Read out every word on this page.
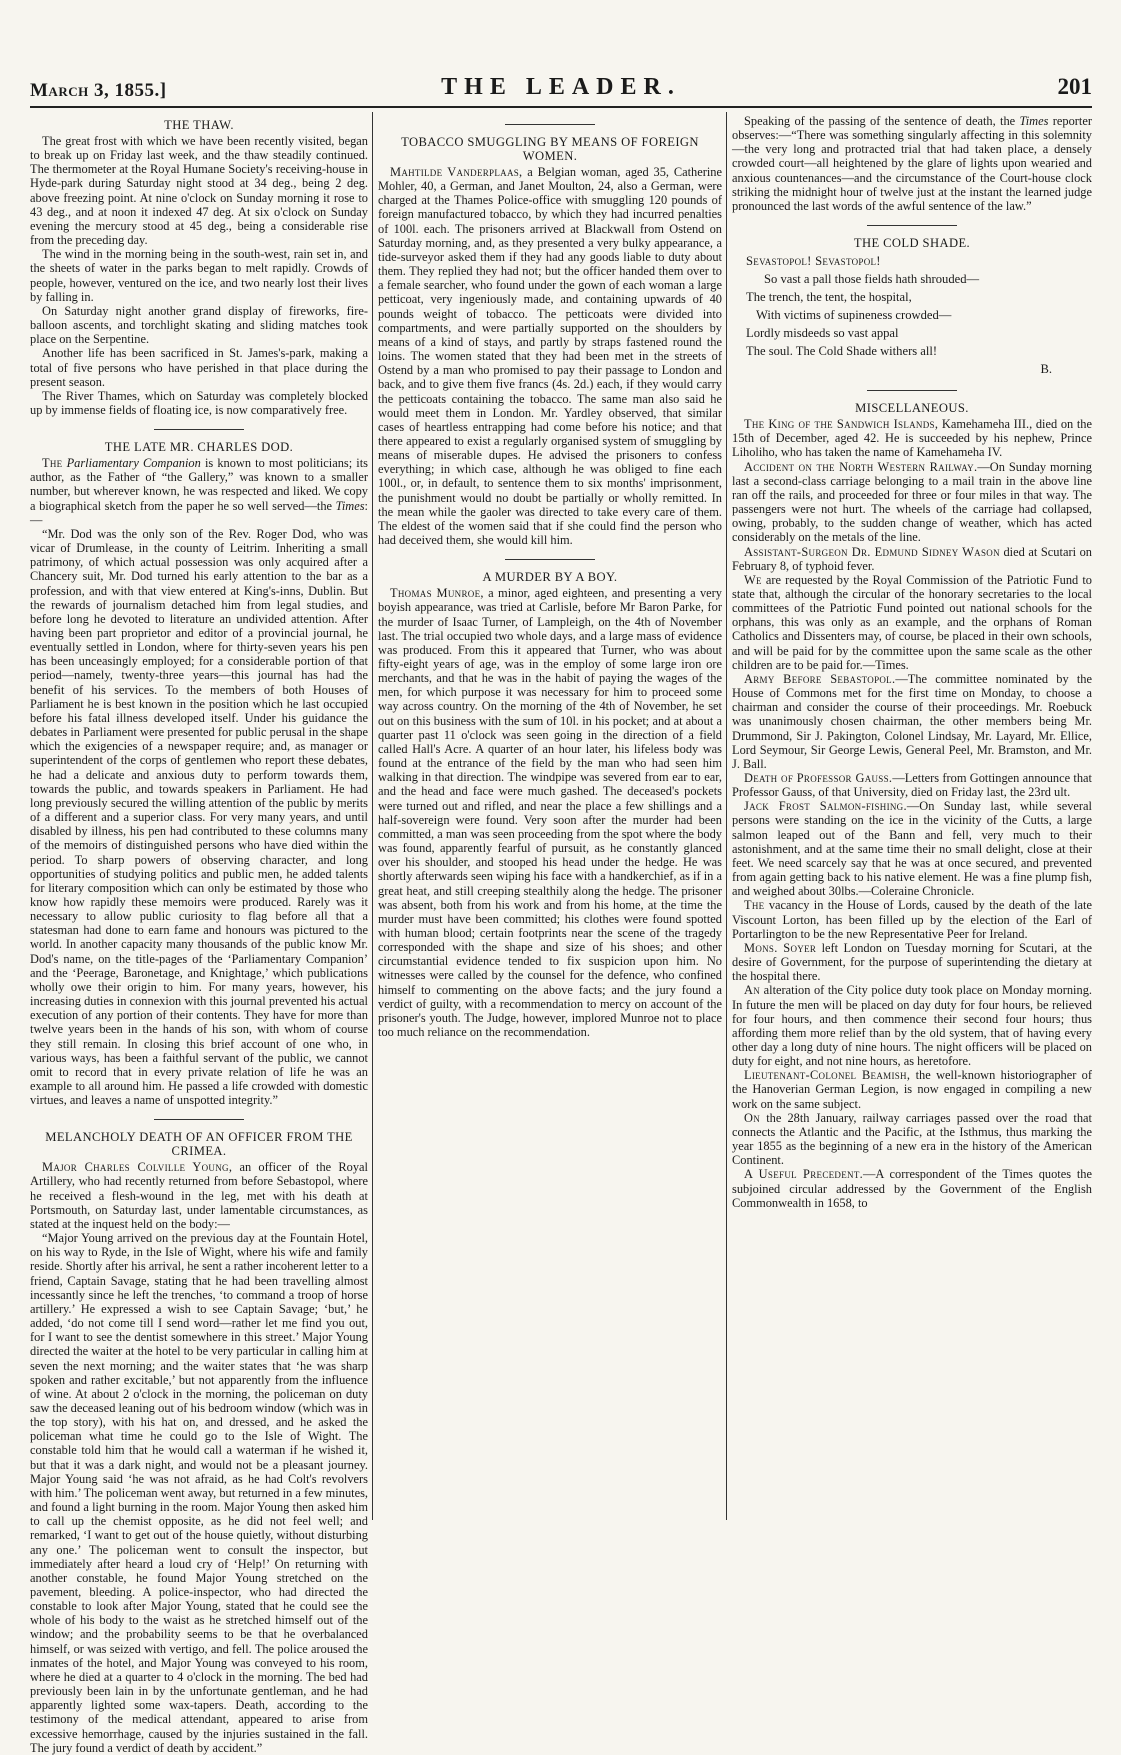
March 3, 1855.]	THE LEADER.	201
THE THAW.

The great frost with which we have been recently visited, began to break up on Friday last week, and the thaw steadily continued. The thermometer at the Royal Humane Society's receiving-house in Hyde-park during Saturday night stood at 34 deg., being 2 deg. above freezing point. At nine o'clock on Sunday morning it rose to 43 deg., and at noon it indexed 47 deg. At six o'clock on Sunday evening the mercury stood at 45 deg., being a considerable rise from the preceding day.

The wind in the morning being in the south-west, rain set in, and the sheets of water in the parks began to melt rapidly. Crowds of people, however, ventured on the ice, and two nearly lost their lives by falling in.

On Saturday night another grand display of fireworks, fire-balloon ascents, and torchlight skating and sliding matches took place on the Serpentine.

Another life has been sacrificed in St. James's-park, making a total of five persons who have perished in that place during the present season.

The River Thames, which on Saturday was completely blocked up by immense fields of floating ice, is now comparatively free.

THE LATE MR. CHARLES DOD.

The Parliamentary Companion is known to most politicians; its author, as the Father of “the Gallery,” was known to a smaller number, but wherever known, he was respected and liked. We copy a biographical sketch from the paper he so well served—the Times:—

“Mr. Dod was the only son of the Rev. Roger Dod, who was vicar of Drumlease, in the county of Leitrim. Inheriting a small patrimony, of which actual possession was only acquired after a Chancery suit, Mr. Dod turned his early attention to the bar as a profession, and with that view entered at King's-inns, Dublin. But the rewards of journalism detached him from legal studies, and before long he devoted to literature an undivided attention. After having been part proprietor and editor of a provincial journal, he eventually settled in London, where for thirty-seven years his pen has been unceasingly employed; for a considerable portion of that period—namely, twenty-three years—this journal has had the benefit of his services. To the members of both Houses of Parliament he is best known in the position which he last occupied before his fatal illness developed itself. Under his guidance the debates in Parliament were presented for public perusal in the shape which the exigencies of a newspaper require; and, as manager or superintendent of the corps of gentlemen who report these debates, he had a delicate and anxious duty to perform towards them, towards the public, and towards speakers in Parliament. He had long previously secured the willing attention of the public by merits of a different and a superior class. For very many years, and until disabled by illness, his pen had contributed to these columns many of the memoirs of distinguished persons who have died within the period. To sharp powers of observing character, and long opportunities of studying politics and public men, he added talents for literary composition which can only be estimated by those who know how rapidly these memoirs were produced. Rarely was it necessary to allow public curiosity to flag before all that a statesman had done to earn fame and honours was pictured to the world. In another capacity many thousands of the public know Mr. Dod's name, on the title-pages of the ‘Parliamentary Companion’ and the ‘Peerage, Baronetage, and Knightage,’ which publications wholly owe their origin to him. For many years, however, his increasing duties in connexion with this journal prevented his actual execution of any portion of their contents. They have for more than twelve years been in the hands of his son, with whom of course they still remain. In closing this brief account of one who, in various ways, has been a faithful servant of the public, we cannot omit to record that in every private relation of life he was an example to all around him. He passed a life crowded with domestic virtues, and leaves a name of unspotted integrity.”

MELANCHOLY DEATH OF AN OFFICER FROM THE CRIMEA.

Major Charles Colville Young, an officer of the Royal Artillery, who had recently returned from before Sebastopol, where he received a flesh-wound in the leg, met with his death at Portsmouth, on Saturday last, under lamentable circumstances, as stated at the inquest held on the body:—

“Major Young arrived on the previous day at the Fountain Hotel, on his way to Ryde, in the Isle of Wight, where his wife and family reside. Shortly after his arrival, he sent a rather incoherent letter to a friend, Captain Savage, stating that he had been travelling almost incessantly since he left the trenches, ‘to command a troop of horse artillery.’ He expressed a wish to see Captain Savage; ‘but,’ he added, ‘do not come till I send word—rather let me find you out, for I want to see the dentist somewhere in this street.’ Major Young directed the waiter at the hotel to be very particular in calling him at seven the next morning; and the waiter states that ‘he was sharp spoken and rather excitable,’ but not apparently from the influence of wine. At about 2 o'clock in the morning, the policeman on duty saw the deceased leaning out of his bedroom window (which was in the top story), with his hat on, and dressed, and he asked the policeman what time he could go to the Isle of Wight. The constable told him that he would call a waterman if he wished it, but that it was a dark night, and would not be a pleasant journey. Major Young said ‘he was not afraid, as he had Colt's revolvers with him.’ The policeman went away, but returned in a few minutes, and found a light burning in the room. Major Young then asked him to call up the chemist opposite, as he did not feel well; and remarked, ‘I want to get out of the house quietly, without disturbing any one.’ The policeman went to consult the inspector, but immediately after heard a loud cry of ‘Help!’ On returning with another constable, he found Major Young stretched on the pavement, bleeding. A police-inspector, who had directed the constable to look after Major Young, stated that he could see the whole of his body to the waist as he stretched himself out of the window; and the probability seems to be that he overbalanced himself, or was seized with vertigo, and fell. The police aroused the inmates of the hotel, and Major Young was conveyed to his room, where he died at a quarter to 4 o'clock in the morning. The bed had previously been lain in by the unfortunate gentleman, and he had apparently lighted some wax-tapers. Death, according to the testimony of the medical attendant, appeared to arise from excessive hemorrhage, caused by the injuries sustained in the fall. The jury found a verdict of death by accident.”

TOBACCO SMUGGLING BY MEANS OF FOREIGN WOMEN.

Mahtilde Vanderplaas, a Belgian woman, aged 35, Catherine Mohler, 40, a German, and Janet Moulton, 24, also a German, were charged at the Thames Police-office with smuggling 120 pounds of foreign manufactured tobacco, by which they had incurred penalties of 100l. each. The prisoners arrived at Blackwall from Ostend on Saturday morning, and, as they presented a very bulky appearance, a tide-surveyor asked them if they had any goods liable to duty about them. They replied they had not; but the officer handed them over to a female searcher, who found under the gown of each woman a large petticoat, very ingeniously made, and containing upwards of 40 pounds weight of tobacco. The petticoats were divided into compartments, and were partially supported on the shoulders by means of a kind of stays, and partly by straps fastened round the loins. The women stated that they had been met in the streets of Ostend by a man who promised to pay their passage to London and back, and to give them five francs (4s. 2d.) each, if they would carry the petticoats containing the tobacco. The same man also said he would meet them in London. Mr. Yardley observed, that similar cases of heartless entrapping had come before his notice; and that there appeared to exist a regularly organised system of smuggling by means of miserable dupes. He advised the prisoners to confess everything; in which case, although he was obliged to fine each 100l., or, in default, to sentence them to six months' imprisonment, the punishment would no doubt be partially or wholly remitted. In the mean while the gaoler was directed to take every care of them. The eldest of the women said that if she could find the person who had deceived them, she would kill him.

A MURDER BY A BOY.

Thomas Munroe, a minor, aged eighteen, and presenting a very boyish appearance, was tried at Carlisle, before Mr Baron Parke, for the murder of Isaac Turner, of Lampleigh, on the 4th of November last. The trial occupied two whole days, and a large mass of evidence was produced. From this it appeared that Turner, who was about fifty-eight years of age, was in the employ of some large iron ore merchants, and that he was in the habit of paying the wages of the men, for which purpose it was necessary for him to proceed some way across country. On the morning of the 4th of November, he set out on this business with the sum of 10l. in his pocket; and at about a quarter past 11 o'clock was seen going in the direction of a field called Hall's Acre. A quarter of an hour later, his lifeless body was found at the entrance of the field by the man who had seen him walking in that direction. The windpipe was severed from ear to ear, and the head and face were much gashed. The deceased's pockets were turned out and rifled, and near the place a few shillings and a half-sovereign were found. Very soon after the murder had been committed, a man was seen proceeding from the spot where the body was found, apparently fearful of pursuit, as he constantly glanced over his shoulder, and stooped his head under the hedge. He was shortly afterwards seen wiping his face with a handkerchief, as if in a great heat, and still creeping stealthily along the hedge. The prisoner was absent, both from his work and from his home, at the time the murder must have been committed; his clothes were found spotted with human blood; certain footprints near the scene of the tragedy corresponded with the shape and size of his shoes; and other circumstantial evidence tended to fix suspicion upon him. No witnesses were called by the counsel for the defence, who confined himself to commenting on the above facts; and the jury found a verdict of guilty, with a recommendation to mercy on account of the prisoner's youth. The Judge, however, implored Munroe not to place too much reliance on the recommendation.

Speaking of the passing of the sentence of death, the Times reporter observes:—“There was something singularly affecting in this solemnity—the very long and protracted trial that had taken place, a densely crowded court—all heightened by the glare of lights upon wearied and anxious countenances—and the circumstance of the Court-house clock striking the midnight hour of twelve just at the instant the learned judge pronounced the last words of the awful sentence of the law.”

THE COLD SHADE.
Sevastopol! Sevastopol!
So vast a pall those fields hath shrouded—
The trench, the tent, the hospital,
With victims of supineness crowded—
Lordly misdeeds so vast appal
The soul. The Cold Shade withers all!
B.
MISCELLANEOUS.

The King of the Sandwich Islands, Kamehameha III., died on the 15th of December, aged 42. He is succeeded by his nephew, Prince Liholiho, who has taken the name of Kamehameha IV.

Accident on the North Western Railway.—On Sunday morning last a second-class carriage belonging to a mail train in the above line ran off the rails, and proceeded for three or four miles in that way. The passengers were not hurt. The wheels of the carriage had collapsed, owing, probably, to the sudden change of weather, which has acted considerably on the metals of the line.

Assistant-Surgeon Dr. Edmund Sidney Wason died at Scutari on February 8, of typhoid fever.

We are requested by the Royal Commission of the Patriotic Fund to state that, although the circular of the honorary secretaries to the local committees of the Patriotic Fund pointed out national schools for the orphans, this was only as an example, and the orphans of Roman Catholics and Dissenters may, of course, be placed in their own schools, and will be paid for by the committee upon the same scale as the other children are to be paid for.—Times.

Army Before Sebastopol.—The committee nominated by the House of Commons met for the first time on Monday, to choose a chairman and consider the course of their proceedings. Mr. Roebuck was unanimously chosen chairman, the other members being Mr. Drummond, Sir J. Pakington, Colonel Lindsay, Mr. Layard, Mr. Ellice, Lord Seymour, Sir George Lewis, General Peel, Mr. Bramston, and Mr. J. Ball.

Death of Professor Gauss.—Letters from Gottingen announce that Professor Gauss, of that University, died on Friday last, the 23rd ult.

Jack Frost Salmon-fishing.—On Sunday last, while several persons were standing on the ice in the vicinity of the Cutts, a large salmon leaped out of the Bann and fell, very much to their astonishment, and at the same time their no small delight, close at their feet. We need scarcely say that he was at once secured, and prevented from again getting back to his native element. He was a fine plump fish, and weighed about 30lbs.—Coleraine Chronicle.

The vacancy in the House of Lords, caused by the death of the late Viscount Lorton, has been filled up by the election of the Earl of Portarlington to be the new Representative Peer for Ireland.

Mons. Soyer left London on Tuesday morning for Scutari, at the desire of Government, for the purpose of superintending the dietary at the hospital there.

An alteration of the City police duty took place on Monday morning. In future the men will be placed on day duty for four hours, be relieved for four hours, and then commence their second four hours; thus affording them more relief than by the old system, that of having every other day a long duty of nine hours. The night officers will be placed on duty for eight, and not nine hours, as heretofore.

Lieutenant-Colonel Beamish, the well-known historiographer of the Hanoverian German Legion, is now engaged in compiling a new work on the same subject.

On the 28th January, railway carriages passed over the road that connects the Atlantic and the Pacific, at the Isthmus, thus marking the year 1855 as the beginning of a new era in the history of the American Continent.

A Useful Precedent.—A correspondent of the Times quotes the subjoined circular addressed by the Government of the English Commonwealth in 1658, to
